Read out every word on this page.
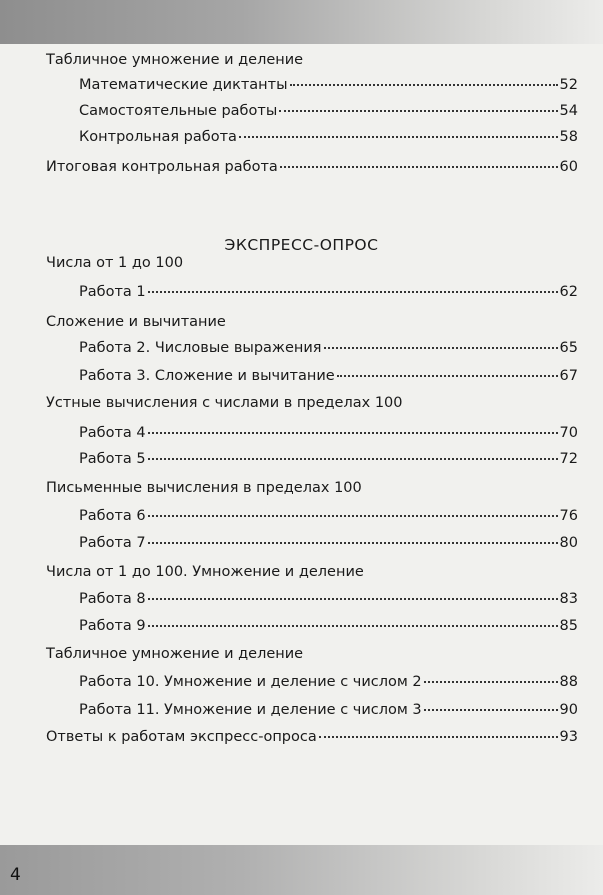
Табличное умножение и деление
Математические диктанты	52
Самостоятельные работы	54
Контрольная работа	58
Итоговая контрольная работа	60
ЭКСПРЕСС-ОПРОС
Числа от 1 до 100
Работа 1	62
Сложение и вычитание
Работа 2. Числовые выражения	65
Работа 3. Сложение и вычитание	67
Устные вычисления с числами в пределах 100
Работа 4	70
Работа 5	72
Письменные вычисления в пределах 100
Работа 6	76
Работа 7	80
Числа от 1 до 100. Умножение и деление
Работа 8	83
Работа 9	85
Табличное умножение и деление
Работа 10. Умножение и деление с числом 2	88
Работа 11. Умножение и деление с числом 3	90
Ответы к работам экспресс-опроса	93
4
